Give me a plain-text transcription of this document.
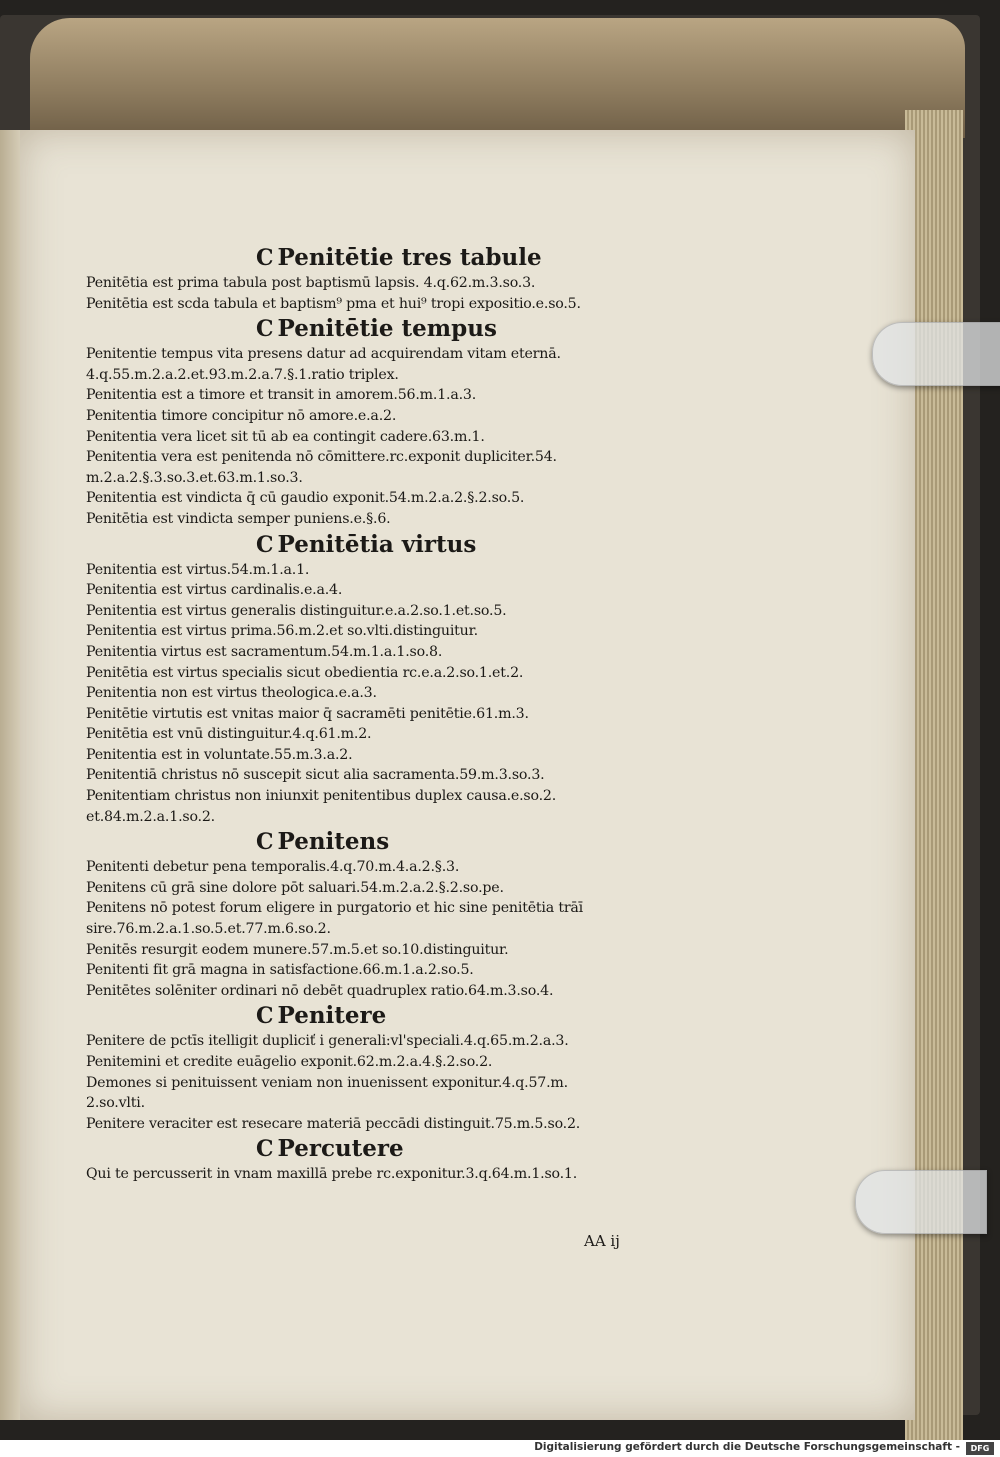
C Penitētie tres tabule
Penitētia est prima tabula post baptismū lapsis. 4.q.62.m.3.so.3.
Penitētia est scda tabula et baptism⁹ pma et hui⁹ tropi expositio.e.so.5.
C Penitētie tempus
Penitentie tempus vita presens datur ad acquirendam vitam eternā.
4.q.55.m.2.a.2.et.93.m.2.a.7.§.1.ratio triplex.
Penitentia est a timore et transit in amorem.56.m.1.a.3.
Penitentia timore concipitur nō amore.e.a.2.
Penitentia vera licet sit tū ab ea contingit cadere.63.m.1.
Penitentia vera est penitenda nō cōmittere.rc.exponit dupliciter.54.
m.2.a.2.§.3.so.3.et.63.m.1.so.3.
Penitentia est vindicta q̄ cū gaudio exponit.54.m.2.a.2.§.2.so.5.
Penitētia est vindicta semper puniens.e.§.6.
C Penitētia virtus
Penitentia est virtus.54.m.1.a.1.
Penitentia est virtus cardinalis.e.a.4.
Penitentia est virtus generalis distinguitur.e.a.2.so.1.et.so.5.
Penitentia est virtus prima.56.m.2.et so.vlti.distinguitur.
Penitentia virtus est sacramentum.54.m.1.a.1.so.8.
Penitētia est virtus specialis sicut obedientia rc.e.a.2.so.1.et.2.
Penitentia non est virtus theologica.e.a.3.
Penitētie virtutis est vnitas maior q̄ sacramēti penitētie.61.m.3.
Penitētia est vnū distinguitur.4.q.61.m.2.
Penitentia est in voluntate.55.m.3.a.2.
Penitentiā christus nō suscepit sicut alia sacramenta.59.m.3.so.3.
Penitentiam christus non iniunxit penitentibus duplex causa.e.so.2.
et.84.m.2.a.1.so.2.
C Penitens
Penitenti debetur pena temporalis.4.q.70.m.4.a.2.§.3.
Penitens cū grā sine dolore pōt saluari.54.m.2.a.2.§.2.so.pe.
Penitens nō potest forum eligere in purgatorio et hic sine penitētia trāī
sire.76.m.2.a.1.so.5.et.77.m.6.so.2.
Penitēs resurgit eodem munere.57.m.5.et so.10.distinguitur.
Penitenti fit grā magna in satisfactione.66.m.1.a.2.so.5.
Penitētes solēniter ordinari nō debēt quadruplex ratio.64.m.3.so.4.
C Penitere
Penitere de pctīs itelligit dupliciť i generali:vl'speciali.4.q.65.m.2.a.3.
Penitemini et credite euāgelio exponit.62.m.2.a.4.§.2.so.2.
Demones si penituissent veniam non inuenissent exponitur.4.q.57.m.
2.so.vlti.
Penitere veraciter est resecare materiā peccādi distinguit.75.m.5.so.2.
C Percutere
Qui te percusserit in vnam maxillā prebe rc.exponitur.3.q.64.m.1.so.1.
AA ij
Digitalisierung gefördert durch die Deutsche Forschungsgemeinschaft -	DFG
